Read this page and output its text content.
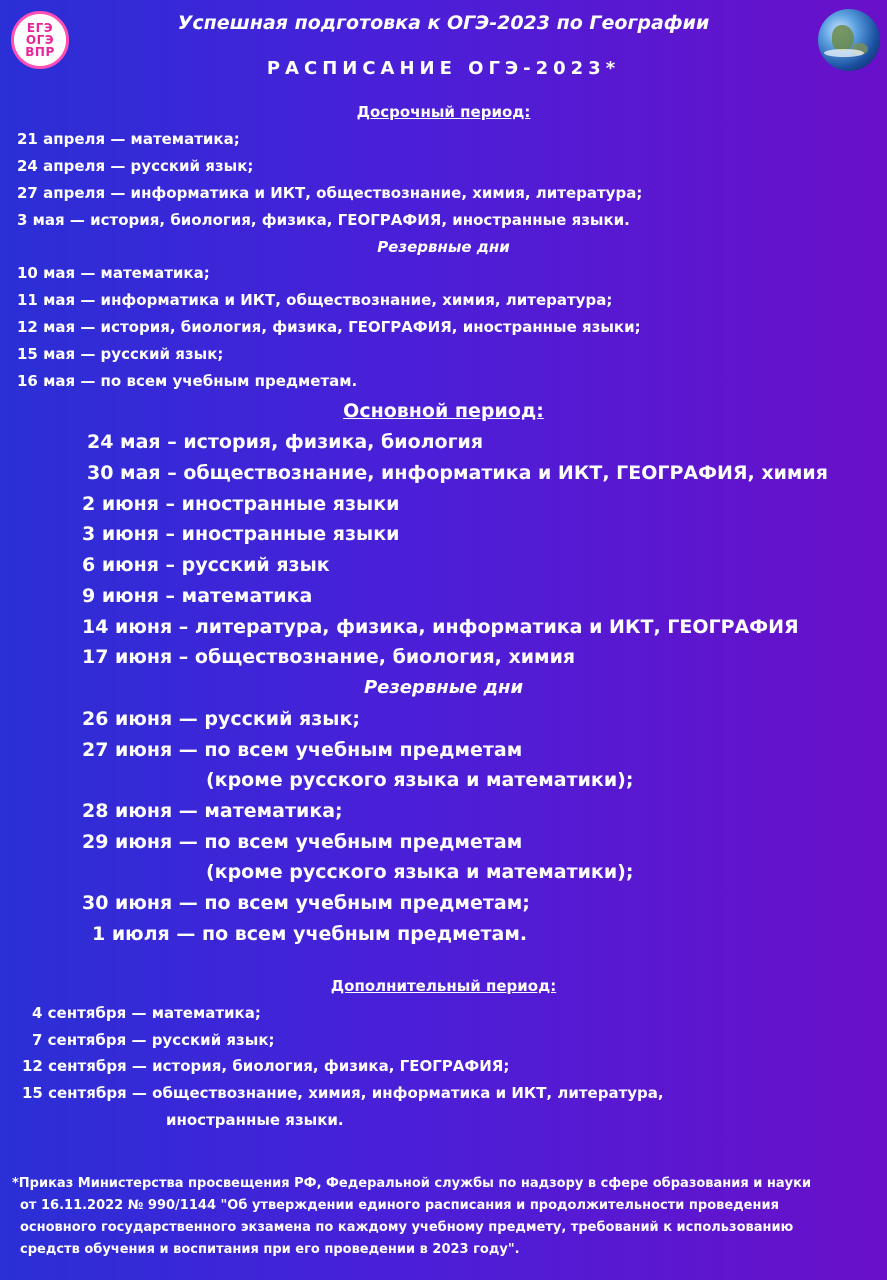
ЕГЭ
ОГЭ
ВПР
Успешная подготовка к ОГЭ-2023 по Географии
РАСПИСАНИЕ ОГЭ-2023*
Досрочный период:
21 апреля — математика;
24 апреля — русский язык;
27 апреля — информатика и ИКТ, обществознание, химия, литература;
3 мая — история, биология, физика, ГЕОГРАФИЯ, иностранные языки.
Резервные дни
10 мая — математика;
11 мая — информатика и ИКТ, обществознание, химия, литература;
12 мая — история, биология, физика, ГЕОГРАФИЯ, иностранные языки;
15 мая — русский язык;
16 мая — по всем учебным предметам.
Основной период:
24 мая – история, физика, биология
30 мая – обществознание, информатика и ИКТ, ГЕОГРАФИЯ, химия
2 июня – иностранные языки
3 июня – иностранные языки
6 июня – русский язык
9 июня – математика
14 июня – литература, физика, информатика и ИКТ, ГЕОГРАФИЯ
17 июня – обществознание, биология, химия
Резервные дни
26 июня — русский язык;
27 июня — по всем учебным предметам
(кроме русского языка и математики);
28 июня — математика;
29 июня — по всем учебным предметам
(кроме русского языка и математики);
30 июня — по всем учебным предметам;
1 июля — по всем учебным предметам.
Дополнительный период:
4 сентября — математика;
7 сентября — русский язык;
12 сентября — история, биология, физика, ГЕОГРАФИЯ;
15 сентября — обществознание, химия, информатика и ИКТ, литература,
иностранные языки.
*Приказ Министерства просвещения РФ, Федеральной службы по надзору в сфере образования и науки
от 16.11.2022 № 990/1144 "Об утверждении единого расписания и продолжительности проведения
основного государственного экзамена по каждому учебному предмету, требований к использованию
средств обучения и воспитания при его проведении в 2023 году".
